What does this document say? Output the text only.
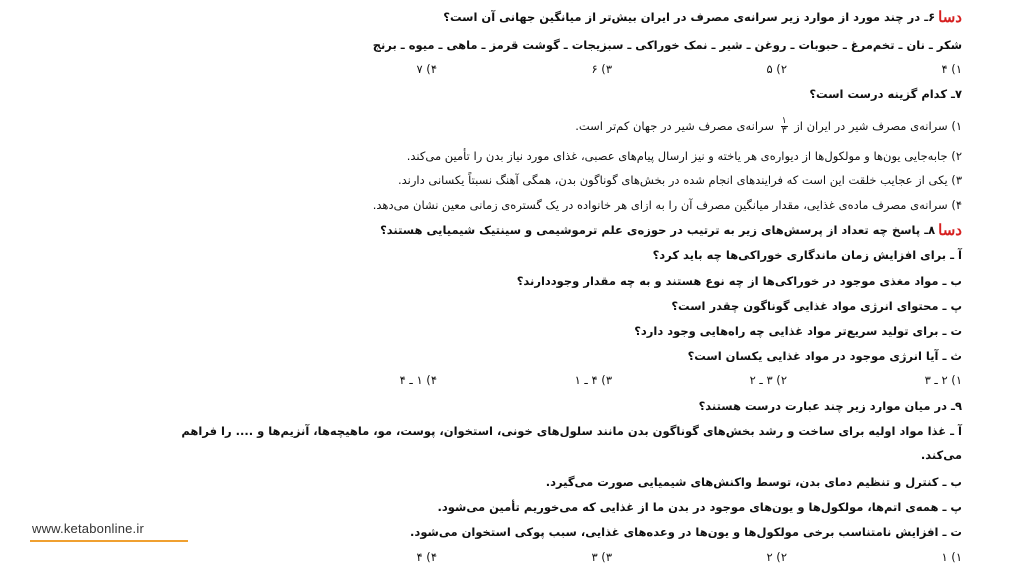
دسا۶ـ در چند مورد از موارد زیر سرانه‌ی مصرف در ایران بیش‌تر از میانگین جهانی آن است؟
شکر ـ نان ـ تخم‌مرغ ـ حبوبات ـ روغن ـ شیر ـ نمک خوراکی ـ سبزیجات ـ گوشت قرمز ـ ماهی ـ میوه ـ برنج
۱) ۴
۲) ۵
۳) ۶
۴) ۷
۷ـ کدام گزینه درست است؟
۱) سرانه‌ی مصرف شیر در ایران از
$\frac{۱}{۳}$
سرانه‌ی مصرف شیر در جهان کم‌تر است.
۲) جابه‌جایی یون‌ها و مولکول‌ها از دیواره‌ی هر یاخته و نیز ارسال پیام‌های عصبی، غذای مورد نیاز بدن را تأمین می‌کند.
۳) یکی از عجایب خلقت این است که فرایندهای انجام شده در بخش‌های گوناگون بدن، همگی آهنگ نسبتاً یکسانی دارند.
۴) سرانه‌ی مصرف ماده‌ی غذایی، مقدار میانگین مصرف آن را به ازای هر خانواده در یک گستره‌ی زمانی معین نشان می‌دهد.
دسا۸ـ پاسخ چه تعداد از پرسش‌های زیر به ترتیب در حوزه‌ی علم ترموشیمی و سینتیک شیمیایی هستند؟
آ ـ برای افزایش زمان ماندگاری خوراکی‌ها چه باید کرد؟
ب ـ مواد مغذی موجود در خوراکی‌ها از چه نوع هستند و به چه مقدار وجوددارند؟
پ ـ محتوای انرژی مواد غذایی گوناگون چقدر است؟
ت ـ برای تولید سریع‌تر مواد غذایی چه راه‌هایی وجود دارد؟
ث ـ آیا انرژی موجود در مواد غذایی یکسان است؟
۱) ۲ ـ ۳
۲) ۳ ـ ۲
۳) ۴ ـ ۱
۴) ۱ ـ ۴
۹ـ در میان موارد زیر چند عبارت درست هستند؟
آ ـ غذا مواد اولیه برای ساخت و رشد بخش‌های گوناگون بدن مانند سلول‌های خونی، استخوان، پوست، مو، ماهیچه‌ها، آنزیم‌ها و .... را فراهم
می‌کند.
ب ـ کنترل و تنظیم دمای بدن، توسط واکنش‌های شیمیایی صورت می‌گیرد.
پ ـ همه‌ی اتم‌ها، مولکول‌ها و یون‌های موجود در بدن ما از غذایی که می‌خوریم تأمین می‌شود.
ت ـ افزایش نامتناسب برخی مولکول‌ها و یون‌ها در وعده‌های غذایی، سبب پوکی استخوان می‌شود.
۱) ۱
۲) ۲
۳) ۳
۴) ۴
www.ketabonline.ir
